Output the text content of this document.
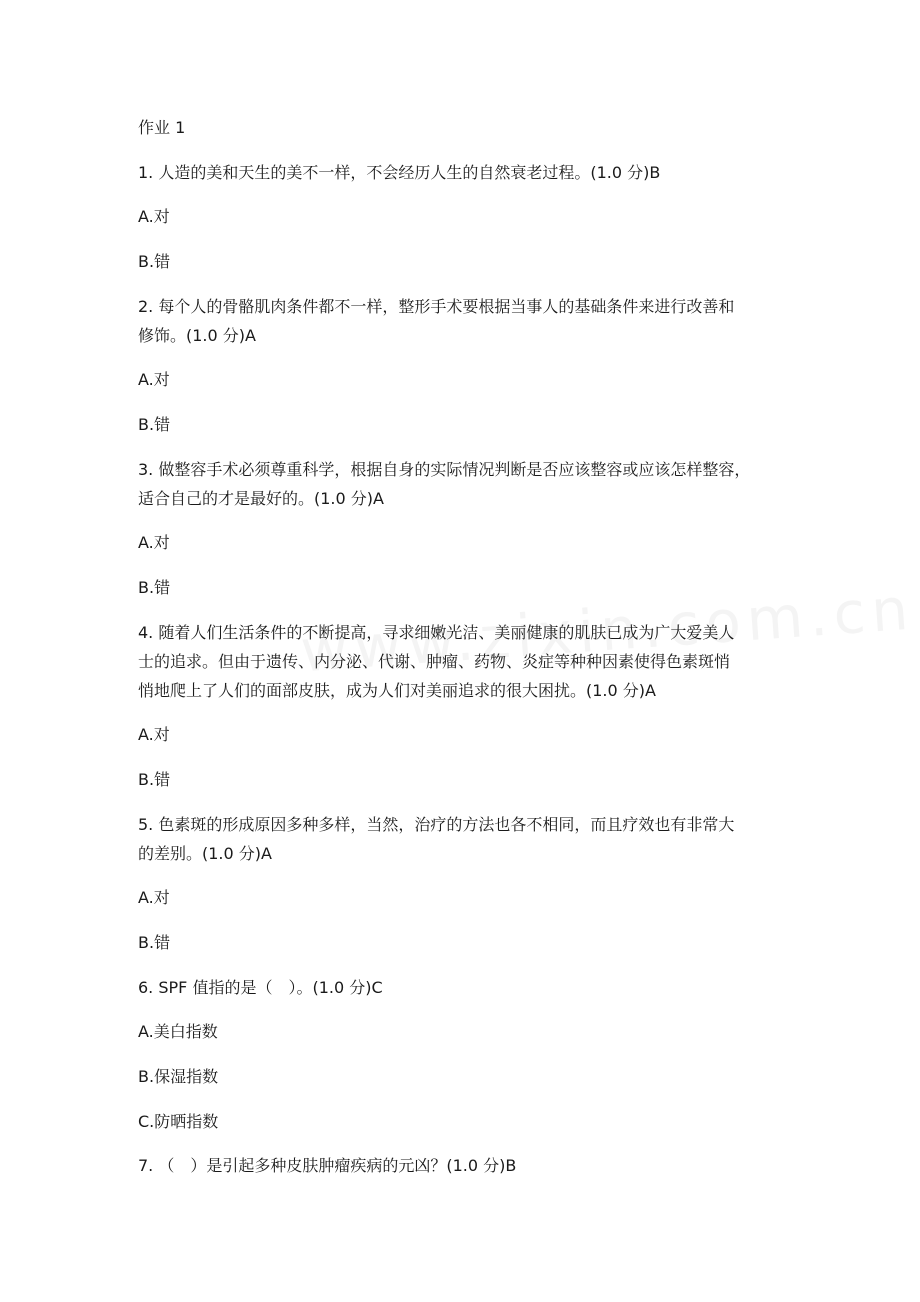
作业 1
1. 人造的美和天生的美不一样，不会经历人生的自然衰老过程。(1.0 分)B
A.对
B.错
2. 每个人的骨骼肌肉条件都不一样，整形手术要根据当事人的基础条件来进行改善和
修饰。(1.0 分)A
A.对
B.错
3. 做整容手术必须尊重科学，根据自身的实际情况判断是否应该整容或应该怎样整容，
适合自己的才是最好的。(1.0 分)A
A.对
B.错
4. 随着人们生活条件的不断提高，寻求细嫩光洁、美丽健康的肌肤已成为广大爱美人
士的追求。但由于遗传、内分泌、代谢、肿瘤、药物、炎症等种种因素使得色素斑悄
悄地爬上了人们的面部皮肤，成为人们对美丽追求的很大困扰。(1.0 分)A
A.对
B.错
5. 色素斑的形成原因多种多样，当然，治疗的方法也各不相同，而且疗效也有非常大
的差别。(1.0 分)A
A.对
B.错
6. SPF 值指的是（　）。(1.0 分)C
A.美白指数
B.保湿指数
C.防晒指数
7. （　）是引起多种皮肤肿瘤疾病的元凶？(1.0 分)B
